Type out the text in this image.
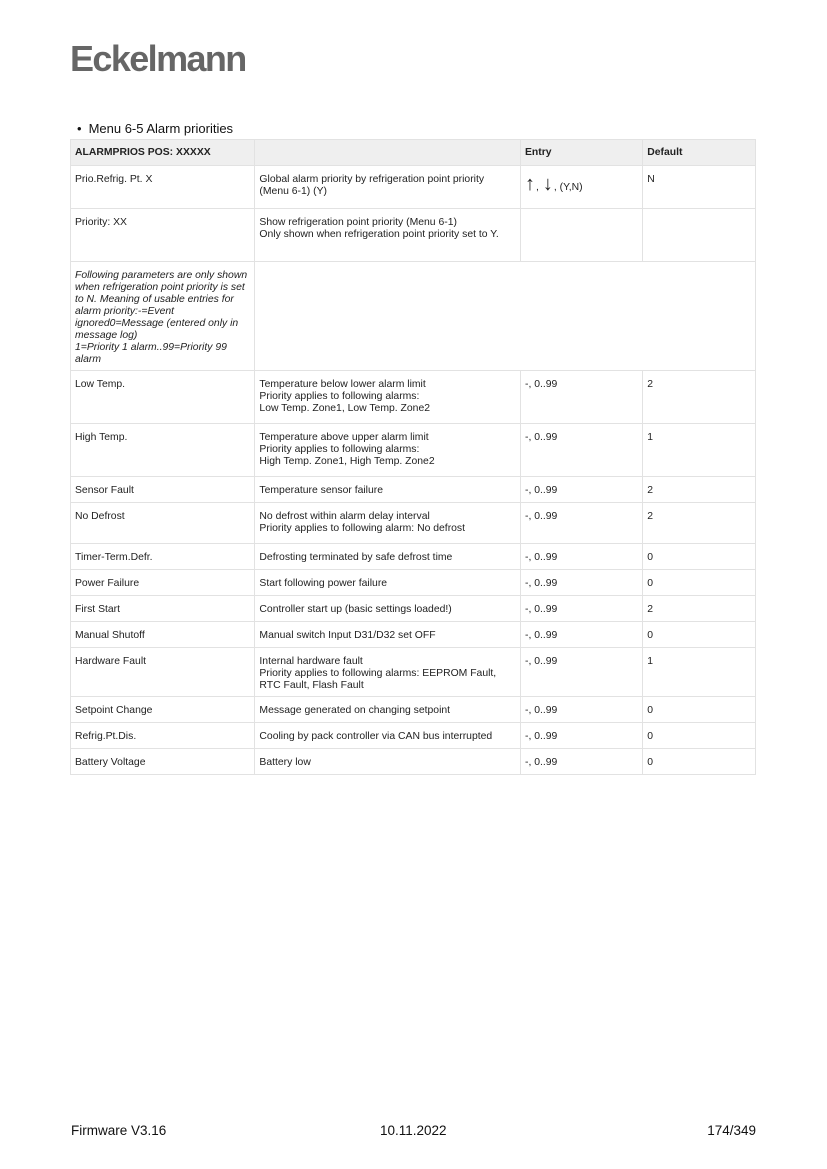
Eckelmann
• Menu 6-5 Alarm priorities
ALARMPRIOS POS: XXXXX		Entry	Default
Prio.Refrig. Pt. X	Global alarm priority by refrigeration point priority (Menu 6-1) (Y)	↑ , ↓ , (Y,N)	N
Priority: XX	Show refrigeration point priority (Menu 6-1)
Only shown when refrigeration point priority set to Y.		
Following parameters are only shown when refrigeration point priority is set to N. Meaning of usable entries for alarm priority:-=Event ignored0=Message (entered only in message log)
1=Priority 1 alarm..99=Priority 99 alarm			
Low Temp.	Temperature below lower alarm limit
Priority applies to following alarms:
Low Temp. Zone1, Low Temp. Zone2	-, 0..99	2
High Temp.	Temperature above upper alarm limit
Priority applies to following alarms:
High Temp. Zone1, High Temp. Zone2	-, 0..99	1
Sensor Fault	Temperature sensor failure	-, 0..99	2
No Defrost	No defrost within alarm delay interval
Priority applies to following alarm: No defrost	-, 0..99	2
Timer-Term.Defr.	Defrosting terminated by safe defrost time	-, 0..99	0
Power Failure	Start following power failure	-, 0..99	0
First Start	Controller start up (basic settings loaded!)	-, 0..99	2
Manual Shutoff	Manual switch Input D31/D32 set OFF	-, 0..99	0
Hardware Fault	Internal hardware fault
Priority applies to following alarms: EEPROM Fault, RTC Fault, Flash Fault	-, 0..99	1
Setpoint Change	Message generated on changing setpoint	-, 0..99	0
Refrig.Pt.Dis.	Cooling by pack controller via CAN bus interrupted	-, 0..99	0
Battery Voltage	Battery low	-, 0..99	0
Firmware V3.16	10.11.2022	174/349
